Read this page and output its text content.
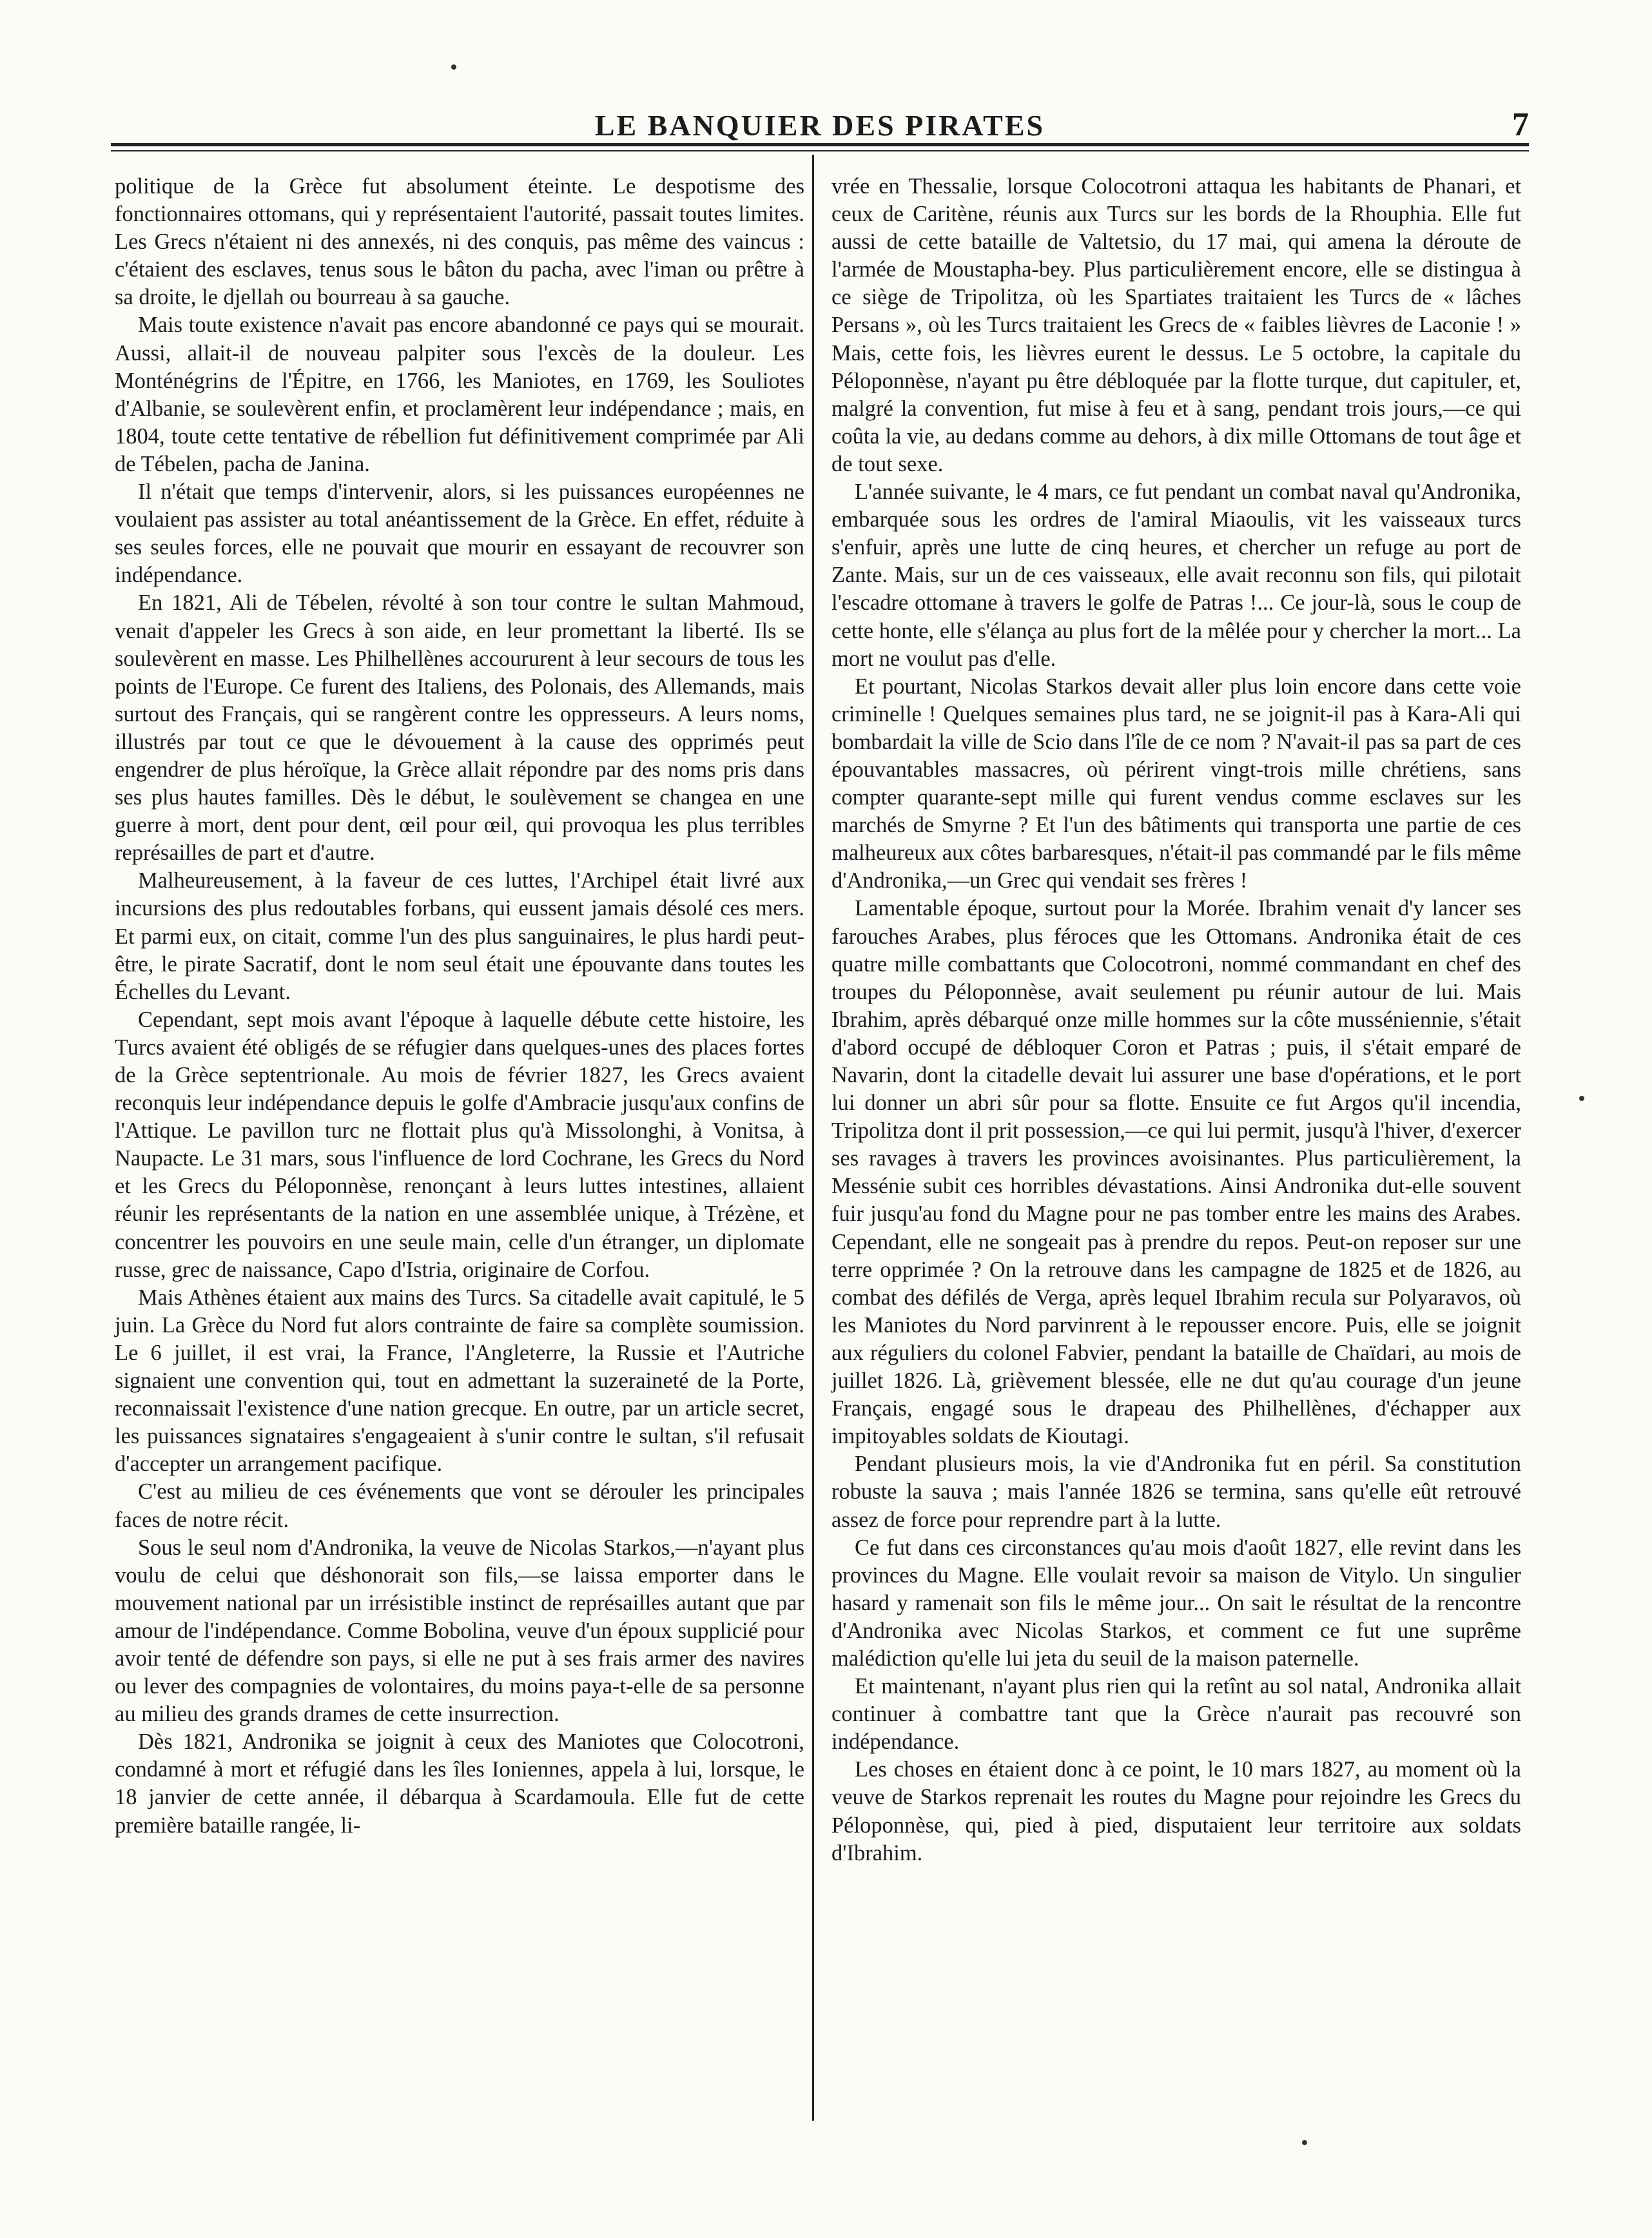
LE BANQUIER DES PIRATES	7

politique de la Grèce fut absolument éteinte. Le despotisme des fonctionnaires ottomans, qui y représentaient l'autorité, passait toutes limites. Les Grecs n'étaient ni des annexés, ni des conquis, pas même des vaincus : c'étaient des esclaves, tenus sous le bâton du pacha, avec l'iman ou prêtre à sa droite, le djellah ou bourreau à sa gauche.

Mais toute existence n'avait pas encore abandonné ce pays qui se mourait. Aussi, allait-il de nouveau palpiter sous l'excès de la douleur. Les Monténégrins de l'Épitre, en 1766, les Maniotes, en 1769, les Souliotes d'Albanie, se soulevèrent enfin, et proclamèrent leur indépendance ; mais, en 1804, toute cette tentative de rébellion fut définitivement comprimée par Ali de Tébelen, pacha de Janina.

Il n'était que temps d'intervenir, alors, si les puissances européennes ne voulaient pas assister au total anéantissement de la Grèce. En effet, réduite à ses seules forces, elle ne pouvait que mourir en essayant de recouvrer son indépendance.

En 1821, Ali de Tébelen, révolté à son tour contre le sultan Mahmoud, venait d'appeler les Grecs à son aide, en leur promettant la liberté. Ils se soulevèrent en masse. Les Philhellènes accoururent à leur secours de tous les points de l'Europe. Ce furent des Italiens, des Polonais, des Allemands, mais surtout des Français, qui se rangèrent contre les oppresseurs. A leurs noms, illustrés par tout ce que le dévouement à la cause des opprimés peut engendrer de plus héroïque, la Grèce allait répondre par des noms pris dans ses plus hautes familles. Dès le début, le soulèvement se changea en une guerre à mort, dent pour dent, œil pour œil, qui provoqua les plus terribles représailles de part et d'autre.

Malheureusement, à la faveur de ces luttes, l'Archipel était livré aux incursions des plus redoutables forbans, qui eussent jamais désolé ces mers. Et parmi eux, on citait, comme l'un des plus sanguinaires, le plus hardi peut-être, le pirate Sacratif, dont le nom seul était une épouvante dans toutes les Échelles du Levant.

Cependant, sept mois avant l'époque à laquelle débute cette histoire, les Turcs avaient été obligés de se réfugier dans quelques-unes des places fortes de la Grèce septentrionale. Au mois de février 1827, les Grecs avaient reconquis leur indépendance depuis le golfe d'Ambracie jusqu'aux confins de l'Attique. Le pavillon turc ne flottait plus qu'à Missolonghi, à Vonitsa, à Naupacte. Le 31 mars, sous l'influence de lord Cochrane, les Grecs du Nord et les Grecs du Péloponnèse, renonçant à leurs luttes intestines, allaient réunir les représentants de la nation en une assemblée unique, à Trézène, et concentrer les pouvoirs en une seule main, celle d'un étranger, un diplomate russe, grec de naissance, Capo d'Istria, originaire de Corfou.

Mais Athènes étaient aux mains des Turcs. Sa citadelle avait capitulé, le 5 juin. La Grèce du Nord fut alors contrainte de faire sa complète soumission. Le 6 juillet, il est vrai, la France, l'Angleterre, la Russie et l'Autriche signaient une convention qui, tout en admettant la suzeraineté de la Porte, reconnaissait l'existence d'une nation grecque. En outre, par un article secret, les puissances signataires s'engageaient à s'unir contre le sultan, s'il refusait d'accepter un arrangement pacifique.

C'est au milieu de ces événements que vont se dérouler les principales faces de notre récit.

Sous le seul nom d'Andronika, la veuve de Nicolas Starkos,—n'ayant plus voulu de celui que déshonorait son fils,—se laissa emporter dans le mouvement national par un irrésistible instinct de représailles autant que par amour de l'indépendance. Comme Bobolina, veuve d'un époux supplicié pour avoir tenté de défendre son pays, si elle ne put à ses frais armer des navires ou lever des compagnies de volontaires, du moins paya-t-elle de sa personne au milieu des grands drames de cette insurrection.

Dès 1821, Andronika se joignit à ceux des Maniotes que Colocotroni, condamné à mort et réfugié dans les îles Ioniennes, appela à lui, lorsque, le 18 janvier de cette année, il débarqua à Scardamoula. Elle fut de cette première bataille rangée, li-

vrée en Thessalie, lorsque Colocotroni attaqua les habitants de Phanari, et ceux de Caritène, réunis aux Turcs sur les bords de la Rhouphia. Elle fut aussi de cette bataille de Valtetsio, du 17 mai, qui amena la déroute de l'armée de Moustapha-bey. Plus particulièrement encore, elle se distingua à ce siège de Tripolitza, où les Spartiates traitaient les Turcs de « lâches Persans », où les Turcs traitaient les Grecs de « faibles lièvres de Laconie ! » Mais, cette fois, les lièvres eurent le dessus. Le 5 octobre, la capitale du Péloponnèse, n'ayant pu être débloquée par la flotte turque, dut capituler, et, malgré la convention, fut mise à feu et à sang, pendant trois jours,—ce qui coûta la vie, au dedans comme au dehors, à dix mille Ottomans de tout âge et de tout sexe.

L'année suivante, le 4 mars, ce fut pendant un combat naval qu'Andronika, embarquée sous les ordres de l'amiral Miaoulis, vit les vaisseaux turcs s'enfuir, après une lutte de cinq heures, et chercher un refuge au port de Zante. Mais, sur un de ces vaisseaux, elle avait reconnu son fils, qui pilotait l'escadre ottomane à travers le golfe de Patras !... Ce jour-là, sous le coup de cette honte, elle s'élança au plus fort de la mêlée pour y chercher la mort... La mort ne voulut pas d'elle.

Et pourtant, Nicolas Starkos devait aller plus loin encore dans cette voie criminelle ! Quelques semaines plus tard, ne se joignit-il pas à Kara-Ali qui bombardait la ville de Scio dans l'île de ce nom ? N'avait-il pas sa part de ces épouvantables massacres, où périrent vingt-trois mille chrétiens, sans compter quarante-sept mille qui furent vendus comme esclaves sur les marchés de Smyrne ? Et l'un des bâtiments qui transporta une partie de ces malheureux aux côtes barbaresques, n'était-il pas commandé par le fils même d'Andronika,—un Grec qui vendait ses frères !

Lamentable époque, surtout pour la Morée. Ibrahim venait d'y lancer ses farouches Arabes, plus féroces que les Ottomans. Andronika était de ces quatre mille combattants que Colocotroni, nommé commandant en chef des troupes du Péloponnèse, avait seulement pu réunir autour de lui. Mais Ibrahim, après débarqué onze mille hommes sur la côte musséniennie, s'était d'abord occupé de débloquer Coron et Patras ; puis, il s'était emparé de Navarin, dont la citadelle devait lui assurer une base d'opérations, et le port lui donner un abri sûr pour sa flotte. Ensuite ce fut Argos qu'il incendia, Tripolitza dont il prit possession,—ce qui lui permit, jusqu'à l'hiver, d'exercer ses ravages à travers les provinces avoisinantes. Plus particulièrement, la Messénie subit ces horribles dévastations. Ainsi Andronika dut-elle souvent fuir jusqu'au fond du Magne pour ne pas tomber entre les mains des Arabes. Cependant, elle ne songeait pas à prendre du repos. Peut-on reposer sur une terre opprimée ? On la retrouve dans les campagne de 1825 et de 1826, au combat des défilés de Verga, après lequel Ibrahim recula sur Polyaravos, où les Maniotes du Nord parvinrent à le repousser encore. Puis, elle se joignit aux réguliers du colonel Fabvier, pendant la bataille de Chaïdari, au mois de juillet 1826. Là, grièvement blessée, elle ne dut qu'au courage d'un jeune Français, engagé sous le drapeau des Philhellènes, d'échapper aux impitoyables soldats de Kioutagi.

Pendant plusieurs mois, la vie d'Andronika fut en péril. Sa constitution robuste la sauva ; mais l'année 1826 se termina, sans qu'elle eût retrouvé assez de force pour reprendre part à la lutte.

Ce fut dans ces circonstances qu'au mois d'août 1827, elle revint dans les provinces du Magne. Elle voulait revoir sa maison de Vitylo. Un singulier hasard y ramenait son fils le même jour... On sait le résultat de la rencontre d'Andronika avec Nicolas Starkos, et comment ce fut une suprême malédiction qu'elle lui jeta du seuil de la maison paternelle.

Et maintenant, n'ayant plus rien qui la retînt au sol natal, Andronika allait continuer à combattre tant que la Grèce n'aurait pas recouvré son indépendance.

Les choses en étaient donc à ce point, le 10 mars 1827, au moment où la veuve de Starkos reprenait les routes du Magne pour rejoindre les Grecs du Péloponnèse, qui, pied à pied, disputaient leur territoire aux soldats d'Ibrahim.
